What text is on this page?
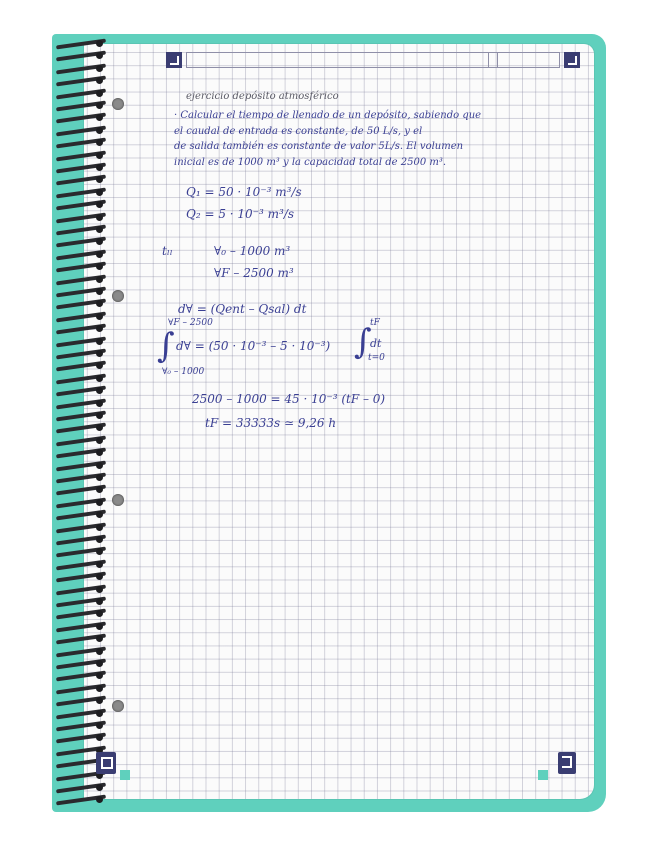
ejercicio depósito atmosférico
· Calcular el tiempo de llenado de un depósito, sabiendo que
el caudal de entrada es constante, de 50 L/s, y el
de salida también es constante de valor 5L/s. El volumen
inicial es de 1000 m³ y la capacidad total de 2500 m³.
Q₁ = 50 · 10⁻³ m³/s
Q₂ = 5 · 10⁻³ m³/s
tₗₗ	∀₀ – 1000 m³
∀F – 2500 m³
d∀ = (Qent – Qsal) dt
∀F – 2500
∫ d∀ = (50 · 10⁻³ – 5 · 10⁻³)
∀₀ – 1000
∫
tF
dt
t=0
2500 – 1000 = 45 · 10⁻³ (tF – 0)
tF = 33333s ≃ 9,26 h
